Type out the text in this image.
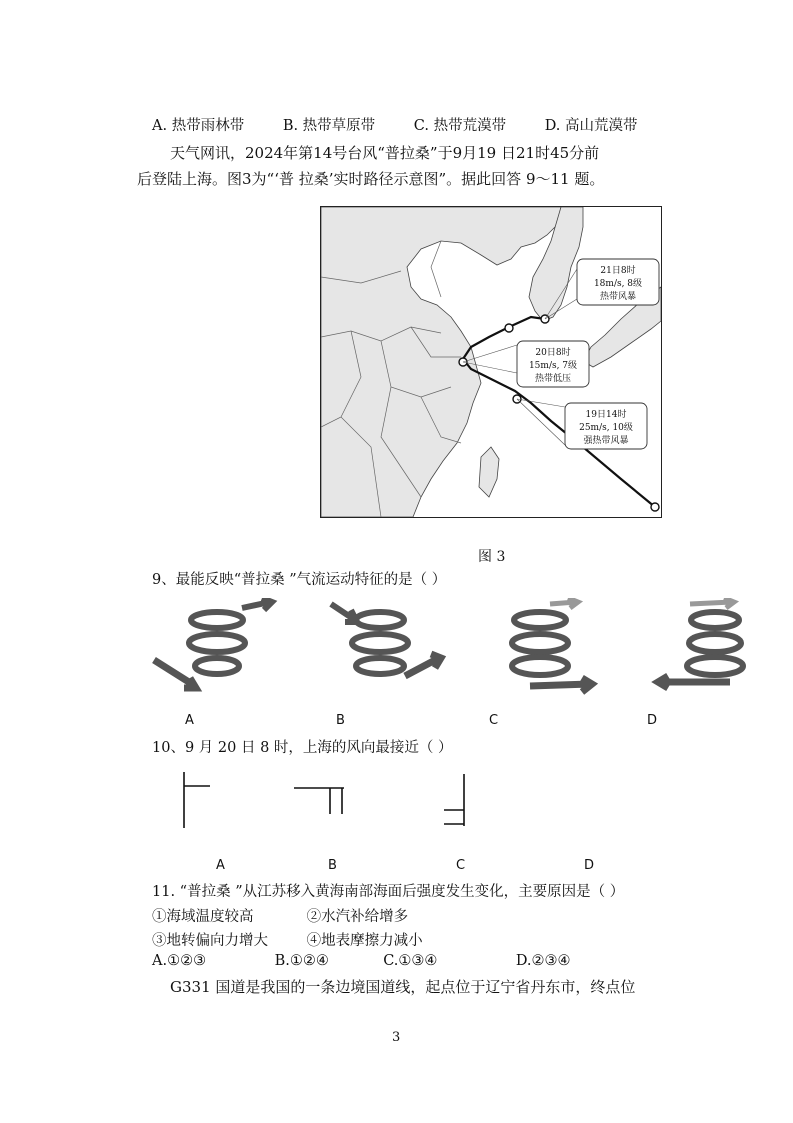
A. 热带雨林带	B. 热带草原带	C. 热带荒漠带	D. 高山荒漠带
天气网讯，2024年第14号台风“普拉桑”于9月19 日21时45分前
后登陆上海。图3为“‘普 拉桑’实时路径示意图”。据此回答 9～11 题。
21日8时
18m/s, 8级
热带风暴
20日8时
15m/s, 7级
热带低压
19日14时
25m/s, 10级
强热带风暴
图 3
9、最能反映“普拉桑 ”气流运动特征的是（ ）
A	B	C	D
10、9 月 20 日 8 时，上海的风向最接近（ ）
A	B	C	D
11. “普拉桑 ”从江苏移入黄海南部海面后强度发生变化，主要原因是（ ）
①海域温度较高	②水汽补给增多
③地转偏向力增大	④地表摩擦力减小
A.①②③	B.①②④	C.①③④	D.②③④
G331 国道是我国的一条边境国道线，起点位于辽宁省丹东市，终点位
3
